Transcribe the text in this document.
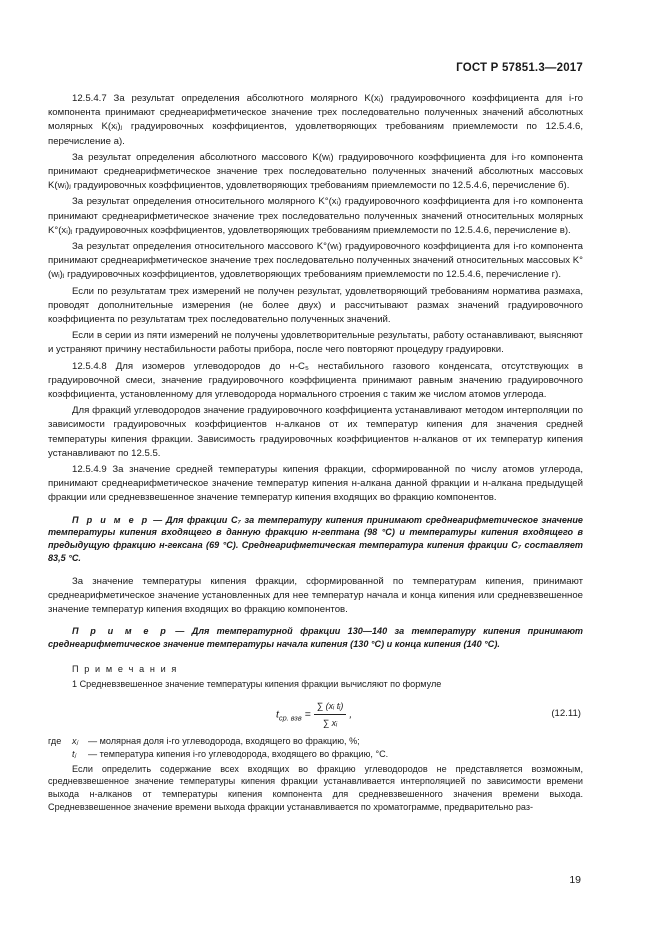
ГОСТ Р 57851.3—2017

12.5.4.7 За результат определения абсолютного молярного K(xᵢ) градуировочного коэффициента для i-го компонента принимают среднеарифметическое значение трех последовательно полученных значений абсолютных молярных K(xᵢ)ⱼ градуировочных коэффициентов, удовлетворяющих требованиям приемлемости по 12.5.4.6, перечисление а).

За результат определения абсолютного массового K(wᵢ) градуировочного коэффициента для i-го компонента принимают среднеарифметическое значение трех последовательно полученных значений абсолютных массовых K(wᵢ)ⱼ градуировочных коэффициентов, удовлетворяющих требованиям приемлемости по 12.5.4.6, перечисление б).

За результат определения относительного молярного K°(xᵢ) градуировочного коэффициента для i-го компонента принимают среднеарифметическое значение трех последовательно полученных значений относительных молярных K°(xᵢ)ⱼ градуировочных коэффициентов, удовлетворяющих требованиям приемлемости по 12.5.4.6, перечисление в).

За результат определения относительного массового K°(wᵢ) градуировочного коэффициента для i-го компонента принимают среднеарифметическое значение трех последовательно полученных значений относительных массовых K°(wᵢ)ⱼ градуировочных коэффициентов, удовлетворяющих требованиям приемлемости по 12.5.4.6, перечисление г).

Если по результатам трех измерений не получен результат, удовлетворяющий требованиям норматива размаха, проводят дополнительные измерения (не более двух) и рассчитывают размах значений градуировочного коэффициента по результатам трех последовательно полученных значений.

Если в серии из пяти измерений не получены удовлетворительные результаты, работу останавливают, выясняют и устраняют причину нестабильности работы прибора, после чего повторяют процедуру градуировки.

12.5.4.8 Для изомеров углеводородов до н-C₅ нестабильного газового конденсата, отсутствующих в градуировочной смеси, значение градуировочного коэффициента принимают равным значению градуировочного коэффициента, установленному для углеводорода нормального строения с таким же числом атомов углерода.

Для фракций углеводородов значение градуировочного коэффициента устанавливают методом интерполяции по зависимости градуировочных коэффициентов н-алканов от их температур кипения для значения средней температуры кипения фракции. Зависимость градуировочных коэффициентов н-алканов от их температур кипения устанавливают по 12.5.5.

12.5.4.9 За значение средней температуры кипения фракции, сформированной по числу атомов углерода, принимают среднеарифметическое значение температур кипения н-алкана данной фракции и н-алкана предыдущей фракции или средневзвешенное значение температур кипения входящих во фракцию компонентов.

П р и м е р — Для фракции C₇ за температуру кипения принимают среднеарифметическое значение температуры кипения входящего в данную фракцию н-гептана (98 °С) и температуры кипения входящего в предыдущую фракцию н-гексана (69 °С). Среднеарифметическая температура кипения фракции C₇ составляет 83,5 °С.

За значение температуры кипения фракции, сформированной по температурам кипения, принимают среднеарифметическое значение установленных для нее температур начала и конца кипения или средневзвешенное значение температур кипения входящих во фракцию компонентов.

П р и м е р — Для температурной фракции 130—140 за температуру кипения принимают среднеарифметическое значение температуры начала кипения (130 °С) и конца кипения (140 °С).

П р и м е ч а н и я

1 Средневзвешенное значение температуры кипения фракции вычисляют по формуле

$t_{ср. взв} = \frac{\text{∑ (xᵢ tᵢ)}}{\text{∑ xᵢ}}$ ,	(12.11)
где xⱼ — молярная доля i-го углеводорода, входящего во фракцию, %;
tⱼ — температура кипения i-го углеводорода, входящего во фракцию, °С.

Если определить содержание всех входящих во фракцию углеводородов не представляется возможным, средневзвешенное значение температуры кипения фракции устанавливается интерполяцией по зависимости времени выхода н-алканов от температуры кипения компонента для средневзвешенного значения времени выхода. Средневзвешенное значение времени выхода фракции устанавливается по хроматограмме, предварительно раз-

19
